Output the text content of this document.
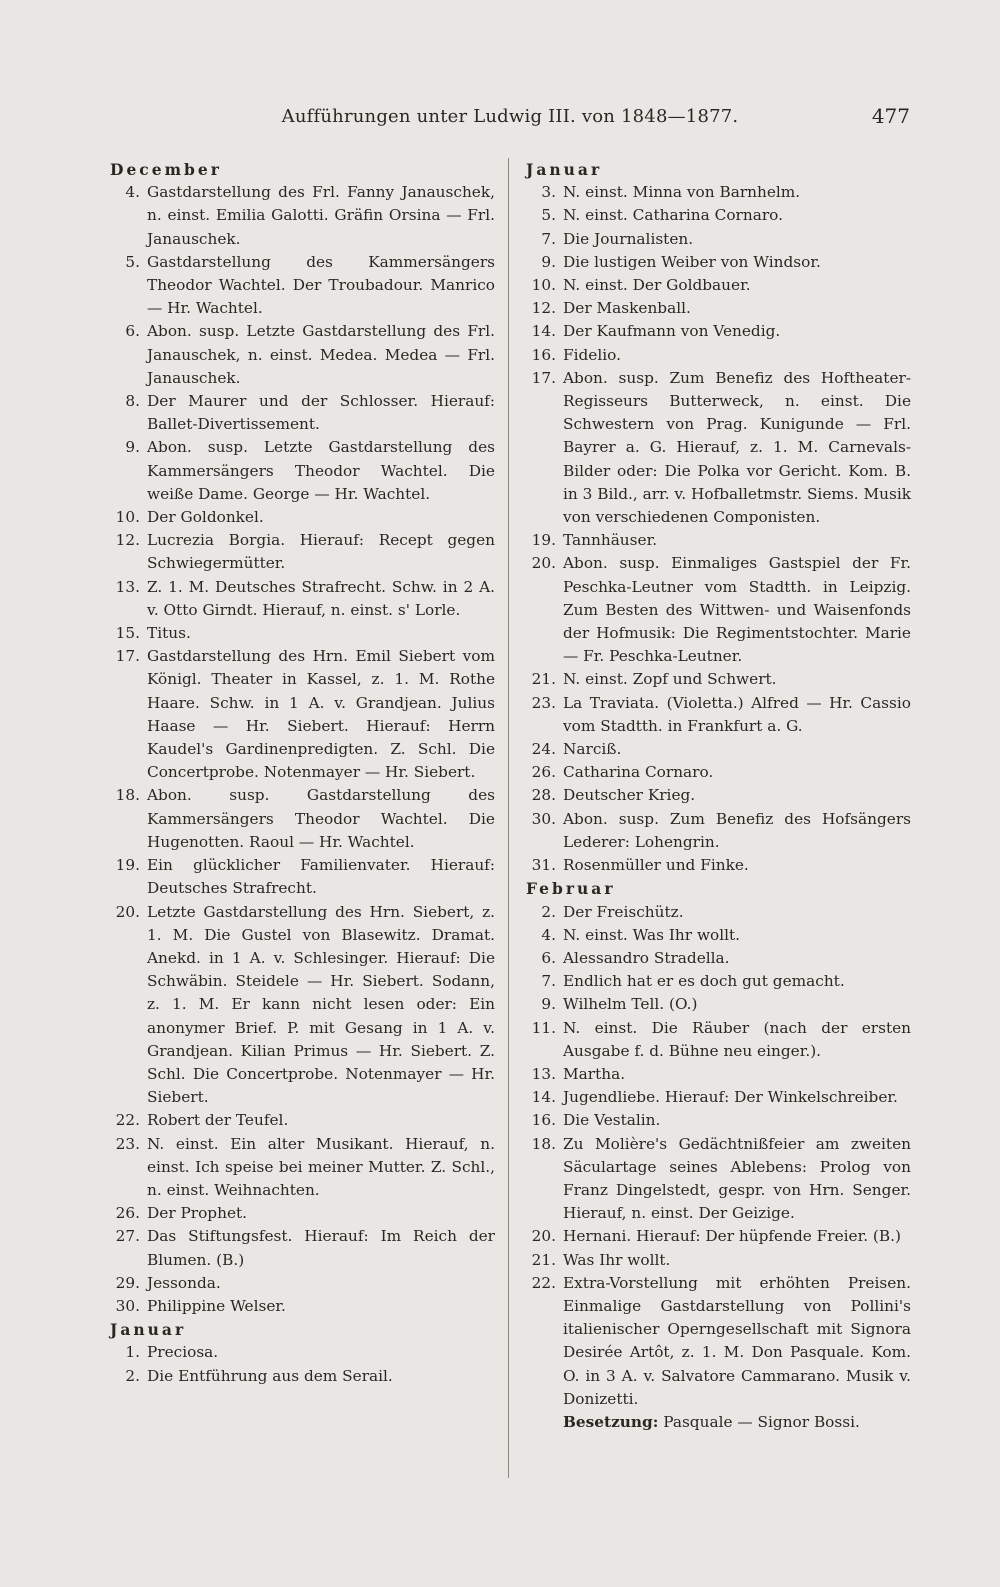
Aufführungen unter Ludwig III. von 1848—1877.	477
December
4. Gastdarstellung des Frl. Fanny Janauschek, n. einst. Emilia Galotti. Gräfin Orsina — Frl. Janauschek.
5. Gastdarstellung des Kammersängers Theodor Wachtel. Der Troubadour. Manrico — Hr. Wachtel.
6. Abon. susp. Letzte Gastdarstellung des Frl. Janauschek, n. einst. Medea. Medea — Frl. Janauschek.
8. Der Maurer und der Schlosser. Hierauf: Ballet-Divertissement.
9. Abon. susp. Letzte Gastdarstellung des Kammersängers Theodor Wachtel. Die weiße Dame. George — Hr. Wachtel.
10. Der Goldonkel.
12. Lucrezia Borgia. Hierauf: Recept gegen Schwiegermütter.
13. Z. 1. M. Deutsches Strafrecht. Schw. in 2 A. v. Otto Girndt. Hierauf, n. einst. s' Lorle.
15. Titus.
17. Gastdarstellung des Hrn. Emil Siebert vom Königl. Theater in Kassel, z. 1. M. Rothe Haare. Schw. in 1 A. v. Grandjean. Julius Haase — Hr. Siebert. Hierauf: Herrn Kaudel's Gardinenpredigten. Z. Schl. Die Concertprobe. Notenmayer — Hr. Siebert.
18. Abon. susp. Gastdarstellung des Kammersängers Theodor Wachtel. Die Hugenotten. Raoul — Hr. Wachtel.
19. Ein glücklicher Familienvater. Hierauf: Deutsches Strafrecht.
20. Letzte Gastdarstellung des Hrn. Siebert, z. 1. M. Die Gustel von Blasewitz. Dramat. Anekd. in 1 A. v. Schlesinger. Hierauf: Die Schwäbin. Steidele — Hr. Siebert. Sodann, z. 1. M. Er kann nicht lesen oder: Ein anonymer Brief. P. mit Gesang in 1 A. v. Grandjean. Kilian Primus — Hr. Siebert. Z. Schl. Die Concertprobe. Notenmayer — Hr. Siebert.
22. Robert der Teufel.
23. N. einst. Ein alter Musikant. Hierauf, n. einst. Ich speise bei meiner Mutter. Z. Schl., n. einst. Weihnachten.
26. Der Prophet.
27. Das Stiftungsfest. Hierauf: Im Reich der Blumen. (B.)
29. Jessonda.
30. Philippine Welser.
Januar
1. Preciosa.
2. Die Entführung aus dem Serail.
Januar
3. N. einst. Minna von Barnhelm.
5. N. einst. Catharina Cornaro.
7. Die Journalisten.
9. Die lustigen Weiber von Windsor.
10. N. einst. Der Goldbauer.
12. Der Maskenball.
14. Der Kaufmann von Venedig.
16. Fidelio.
17. Abon. susp. Zum Benefiz des Hoftheater-Regisseurs Butterweck, n. einst. Die Schwestern von Prag. Kunigunde — Frl. Bayrer a. G. Hierauf, z. 1. M. Carnevals-Bilder oder: Die Polka vor Gericht. Kom. B. in 3 Bild., arr. v. Hofballetmstr. Siems. Musik von verschiedenen Componisten.
19. Tannhäuser.
20. Abon. susp. Einmaliges Gastspiel der Fr. Peschka-Leutner vom Stadtth. in Leipzig. Zum Besten des Wittwen- und Waisenfonds der Hofmusik: Die Regimentstochter. Marie — Fr. Peschka-Leutner.
21. N. einst. Zopf und Schwert.
23. La Traviata. (Violetta.) Alfred — Hr. Cassio vom Stadtth. in Frankfurt a. G.
24. Narciß.
26. Catharina Cornaro.
28. Deutscher Krieg.
30. Abon. susp. Zum Benefiz des Hofsängers Lederer: Lohengrin.
31. Rosenmüller und Finke.
Februar
2. Der Freischütz.
4. N. einst. Was Ihr wollt.
6. Alessandro Stradella.
7. Endlich hat er es doch gut gemacht.
9. Wilhelm Tell. (O.)
11. N. einst. Die Räuber (nach der ersten Ausgabe f. d. Bühne neu einger.).
13. Martha.
14. Jugendliebe. Hierauf: Der Winkelschreiber.
16. Die Vestalin.
18. Zu Molière's Gedächtnißfeier am zweiten Säculartage seines Ablebens: Prolog von Franz Dingelstedt, gespr. von Hrn. Senger. Hierauf, n. einst. Der Geizige.
20. Hernani. Hierauf: Der hüpfende Freier. (B.)
21. Was Ihr wollt.
22. Extra-Vorstellung mit erhöhten Preisen. Einmalige Gastdarstellung von Pollini's italienischer Operngesellschaft mit Signora Desirée Artôt, z. 1. M. Don Pasquale. Kom. O. in 3 A. v. Salvatore Cammarano. Musik v. Donizetti.
Besetzung: Pasquale — Signor Bossi.
